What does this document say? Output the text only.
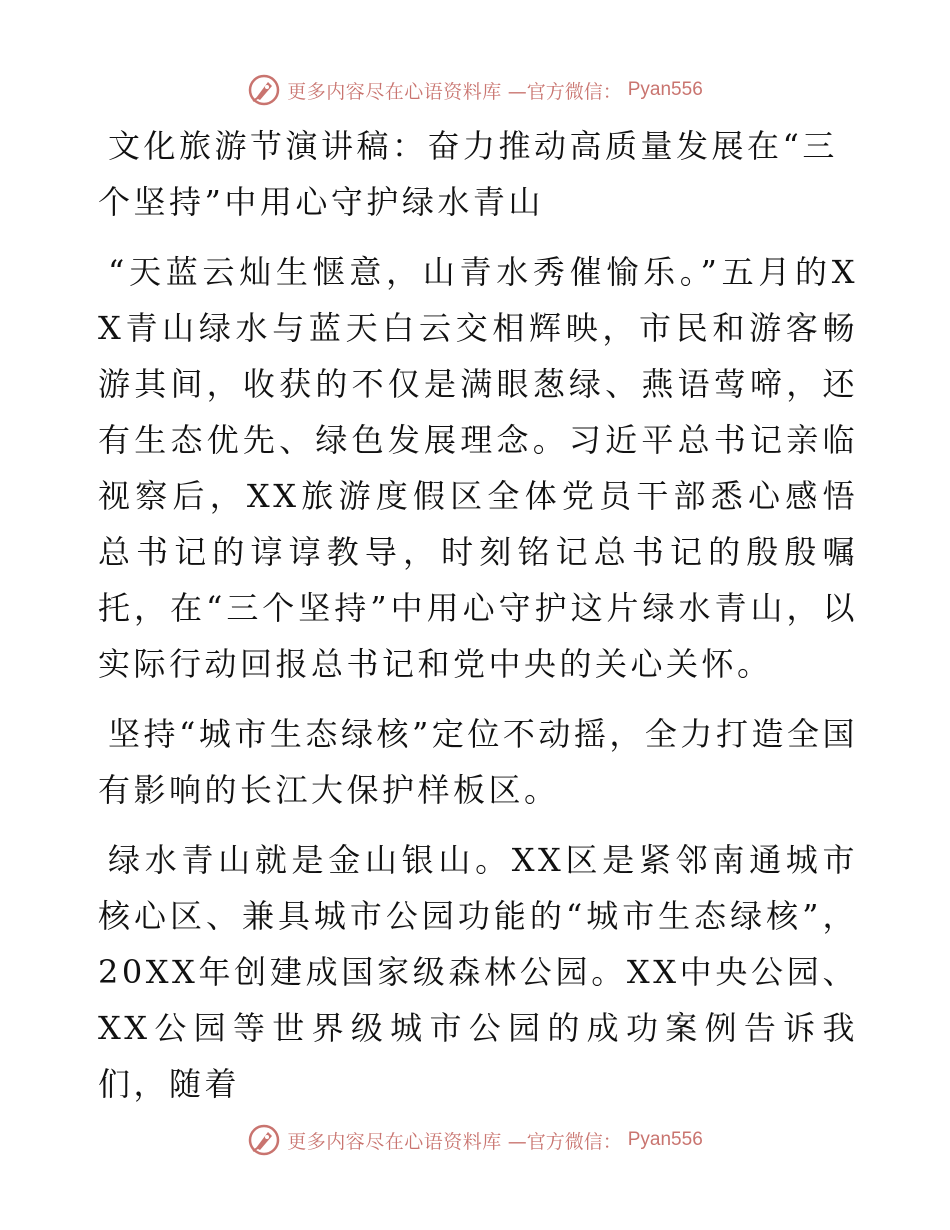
更多内容尽在心语资料库 —官方微信： Pyan556
文化旅游节演讲稿：奋力推动高质量发展在“三个坚持”中用心守护绿水青山

“天蓝云灿生惬意，山青水秀催愉乐。”五月的XX青山绿水与蓝天白云交相辉映，市民和游客畅游其间，收获的不仅是满眼葱绿、燕语莺啼，还有生态优先、绿色发展理念。习近平总书记亲临视察后，XX旅游度假区全体党员干部悉心感悟总书记的谆谆教导，时刻铭记总书记的殷殷嘱托，在“三个坚持”中用心守护这片绿水青山，以实际行动回报总书记和党中央的关心关怀。

坚持“城市生态绿核”定位不动摇，全力打造全国有影响的长江大保护样板区。

绿水青山就是金山银山。XX区是紧邻南通城市核心区、兼具城市公园功能的“城市生态绿核”，20XX年创建成国家级森林公园。XX中央公园、XX公园等世界级城市公园的成功案例告诉我们，随着

更多内容尽在心语资料库 —官方微信： Pyan556
